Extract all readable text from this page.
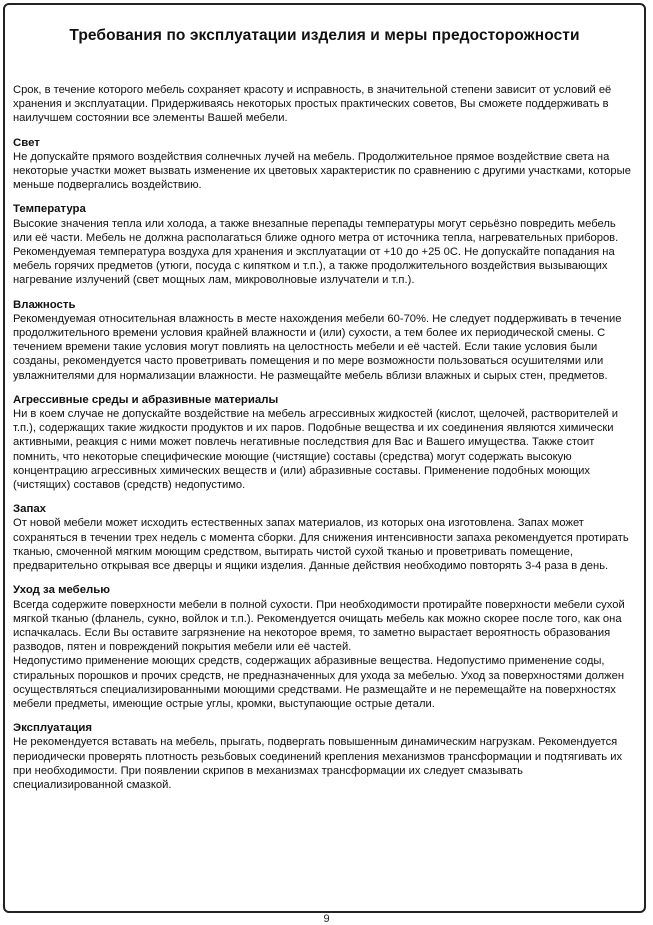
Требования по эксплуатации изделия и меры предосторожности

Срок, в течение которого мебель сохраняет красоту и исправность, в значительной степени зависит от условий её хранения и эксплуатации. Придерживаясь некоторых простых практических советов, Вы сможете поддерживать в наилучшем состоянии все элементы Вашей мебели.

Свет

Не допускайте прямого воздействия солнечных лучей на мебель. Продолжительное прямое воздействие света на некоторые участки может вызвать изменение их цветовых характеристик по сравнению с другими участками, которые меньше подвергались воздействию.

Температура

Высокие значения тепла или холода, а также внезапные перепады температуры могут серьёзно повредить мебель или её части. Мебель не должна располагаться ближе одного метра от источника тепла, нагревательных приборов. Рекомендуемая температура воздуха для хранения и эксплуатации от +10 до +25 0С. Не допускайте попадания на мебель горячих предметов (утюги, посуда с кипятком и т.п.), а также продолжительного воздействия вызывающих нагревание излучений (свет мощных лам, микроволновые излучатели и т.п.).

Влажность

Рекомендуемая относительная влажность в месте нахождения мебели 60-70%. Не следует поддерживать в течение продолжительного времени условия крайней влажности и (или) сухости, а тем более их периодической смены. С течением времени такие условия могут повлиять на целостность мебели и её частей. Если такие условия были созданы, рекомендуется часто проветривать помещения и по мере возможности пользоваться осушителями или увлажнителями для нормализации влажности. Не размещайте мебель вблизи влажных и сырых стен, предметов.

Агрессивные среды и абразивные материалы

Ни в коем случае не допускайте воздействие на мебель агрессивных жидкостей (кислот, щелочей, растворителей и т.п.), содержащих такие жидкости продуктов и их паров. Подобные вещества и их соединения являются химически активными, реакция с ними может повлечь негативные последствия для Вас и Вашего имущества. Также стоит помнить, что некоторые специфические моющие (чистящие) составы (средства) могут содержать высокую концентрацию агрессивных химических веществ и (или) абразивные составы. Применение подобных моющих (чистящих) составов (средств) недопустимо.

Запах

От новой мебели может исходить естественных запах материалов, из которых она изготовлена. Запах может сохраняться в течении трех недель с момента сборки. Для снижения интенсивности запаха рекомендуется протирать тканью, смоченной мягким моющим средством, вытирать чистой сухой тканью и проветривать помещение, предварительно открывая все дверцы и ящики изделия. Данные действия необходимо повторять 3-4 раза в день.

Уход за мебелью

Всегда содержите поверхности мебели в полной сухости. При необходимости протирайте поверхности мебели сухой мягкой тканью (фланель, сукно, войлок и т.п.). Рекомендуется очищать мебель как можно скорее после того, как она испачкалась. Если Вы оставите загрязнение на некоторое время, то заметно вырастает вероятность образования разводов, пятен и повреждений покрытия мебели или её частей.

Недопустимо применение моющих средств, содержащих абразивные вещества. Недопустимо применение соды, стиральных порошков и прочих средств, не предназначенных для ухода за мебелью. Уход за поверхностями должен осуществляться специализированными моющими средствами. Не размещайте и не перемещайте на поверхностях мебели предметы, имеющие острые углы, кромки, выступающие острые детали.

Эксплуатация

Не рекомендуется вставать на мебель, прыгать, подвергать повышенным динамическим нагрузкам. Рекомендуется периодически проверять плотность резьбовых соединений крепления механизмов трансформации и подтягивать их при необходимости. При появлении скрипов в механизмах трансформации их следует смазывать специализированной смазкой.

9
